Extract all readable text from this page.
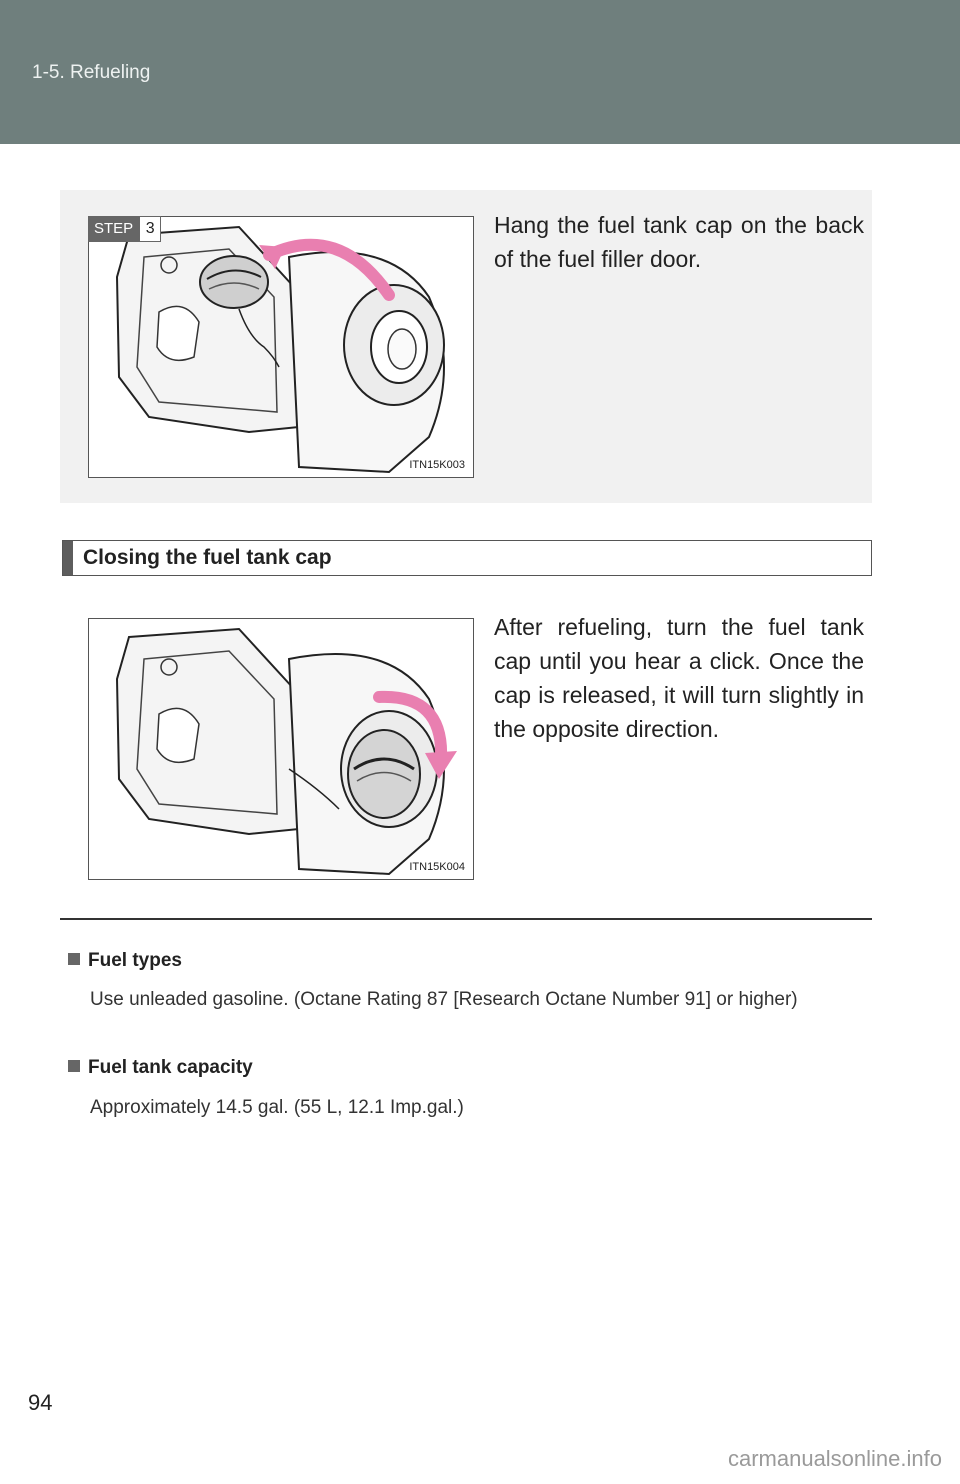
1-5. Refueling
ITN15K003
STEP 3	Hang the fuel tank cap on the back of the fuel filler door.
Closing the fuel tank cap
ITN15K004
After refueling, turn the fuel tank cap until you hear a click. Once the cap is released, it will turn slightly in the opposite direction.
Fuel types
Use unleaded gasoline. (Octane Rating 87 [Research Octane Number 91] or higher)
Fuel tank capacity
Approximately 14.5 gal. (55 L, 12.1 Imp.gal.)
94
carmanualsonline.info
